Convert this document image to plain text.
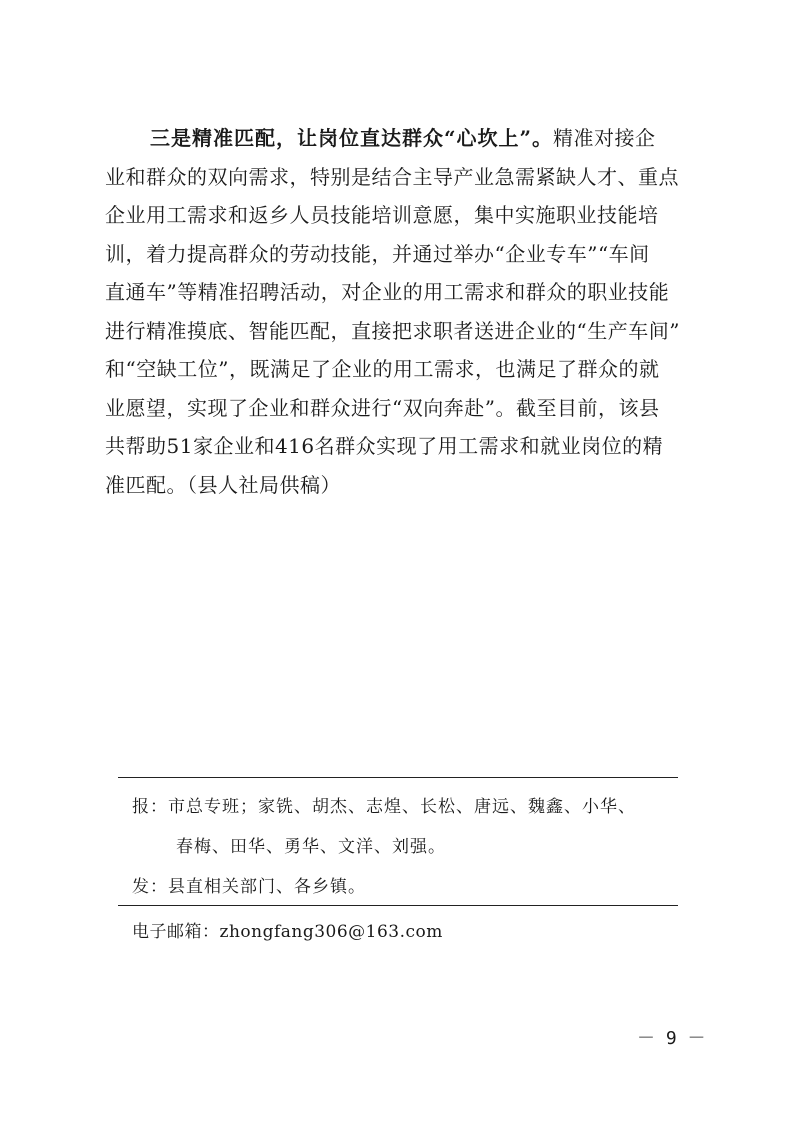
三是精准匹配，让岗位直达群众“心坎上”。精准对接企
业和群众的双向需求，特别是结合主导产业急需紧缺人才、重点
企业用工需求和返乡人员技能培训意愿，集中实施职业技能培
训，着力提高群众的劳动技能，并通过举办“企业专车”“车间
直通车”等精准招聘活动，对企业的用工需求和群众的职业技能
进行精准摸底、智能匹配，直接把求职者送进企业的“生产车间”
和“空缺工位”，既满足了企业的用工需求，也满足了群众的就
业愿望，实现了企业和群众进行“双向奔赴”。截至目前，该县
共帮助51家企业和416名群众实现了用工需求和就业岗位的精
准匹配。（县人社局供稿）
报：市总专班；家铣、胡杰、志煌、长松、唐远、魏鑫、小华、
春梅、田华、勇华、文洋、刘强。
发：县直相关部门、各乡镇。
电子邮箱：zhongfang306@163.com
－ 9 －
